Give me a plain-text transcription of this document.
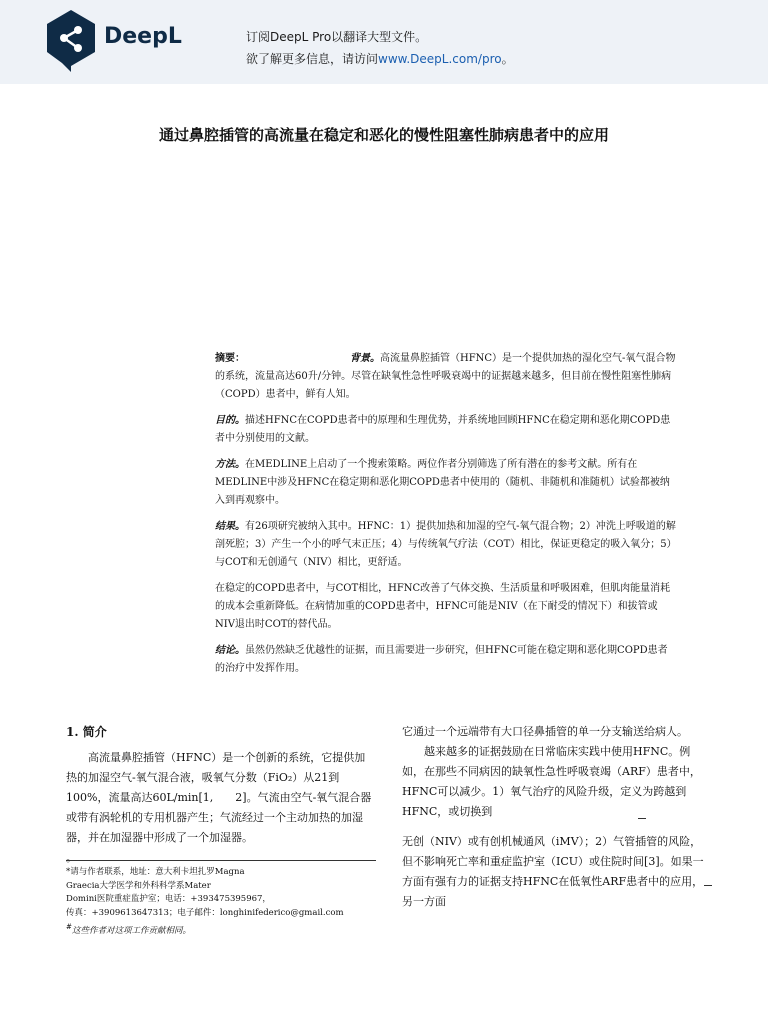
DeepL	订阅DeepL Pro以翻译大型文件。
欲了解更多信息，请访问www.DeepL.com/pro。
通过鼻腔插管的高流量在稳定和恶化的慢性阻塞性肺病患者中的应用

摘要：	背景。高流量鼻腔插管（HFNC）是一个提供加热的湿化空气-氧气混合物的系统，流量高达60升/分钟。尽管在缺氧性急性呼吸衰竭中的证据越来越多，但目前在慢性阻塞性肺病（COPD）患者中，鲜有人知。

目的。描述HFNC在COPD患者中的原理和生理优势，并系统地回顾HFNC在稳定期和恶化期COPD患者中分别使用的文献。

方法。在MEDLINE上启动了一个搜索策略。两位作者分别筛选了所有潜在的参考文献。所有在MEDLINE中涉及HFNC在稳定期和恶化期COPD患者中使用的（随机、非随机和准随机）试验都被纳入到再观察中。

结果。有26项研究被纳入其中。HFNC：1）提供加热和加湿的空气-氧气混合物；2）冲洗上呼吸道的解剖死腔；3）产生一个小的呼气末正压；4）与传统氧气疗法（COT）相比，保证更稳定的吸入氧分；5）与COT和无创通气（NIV）相比，更舒适。

在稳定的COPD患者中，与COT相比，HFNC改善了气体交换、生活质量和呼吸困难，但肌肉能量消耗的成本会重新降低。在病情加重的COPD患者中，HFNC可能是NIV（在下耐受的情况下）和拔管或NIV退出时COT的替代品。

结论。虽然仍然缺乏优越性的证据，而且需要进一步研究，但HFNC可能在稳定期和恶化期COPD患者的治疗中发挥作用。

1. 简介

高流量鼻腔插管（HFNC）是一个创新的系统，它提供加热的加湿空气-氧气混合液，吸氧气分数（FiO₂）从21到100%，流量高达60L/min[1,　　2]。气流由空气-氧气混合器或带有涡轮机的专用机器产生；气流经过一个主动加热的加湿器，并在加湿器中形成了一个加湿器。

。

它通过一个远端带有大口径鼻插管的单一分支输送给病人。

越来越多的证据鼓励在日常临床实践中使用HFNC。例如，在那些不同病因的缺氧性急性呼吸衰竭（ARF）患者中，HFNC可以减少。1）氧气治疗的风险升级，定义为跨越到HFNC，或切换到

无创（NIV）或有创机械通风（iMV）；2）气管插管的风险，但不影响死亡率和重症监护室（ICU）或住院时间[3]。如果一方面有强有力的证据支持HFNC在低氧性ARF患者中的应用，另一方面

*请与作者联系，地址：意大利卡坦扎罗Magna
Graecia大学医学和外科科学系Mater
Domini医院重症监护室；电话：+393475395967，
传真：+3909613647313；电子邮件：longhinifederico@gmail.com
#这些作者对这项工作贡献相同。
